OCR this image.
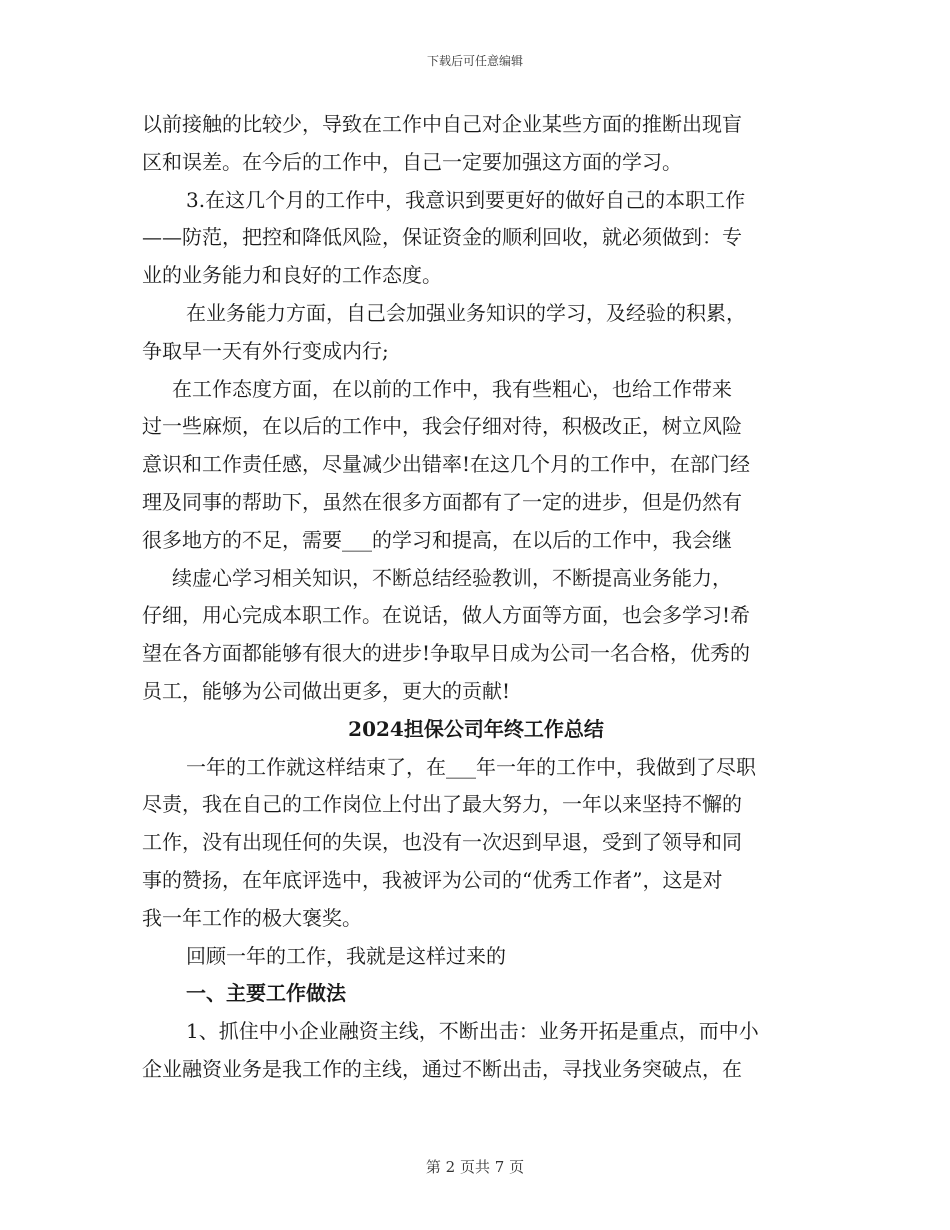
下载后可任意编辑
以前接触的比较少，导致在工作中自己对企业某些方面的推断出现盲
区和误差。在今后的工作中，自己一定要加强这方面的学习。
3.在这几个月的工作中，我意识到要更好的做好自己的本职工作
——防范，把控和降低风险，保证资金的顺利回收，就必须做到：专
业的业务能力和良好的工作态度。
在业务能力方面，自己会加强业务知识的学习，及经验的积累，
争取早一天有外行变成内行;
在工作态度方面，在以前的工作中，我有些粗心，也给工作带来
过一些麻烦，在以后的工作中，我会仔细对待，积极改正，树立风险
意识和工作责任感，尽量减少出错率!在这几个月的工作中，在部门经
理及同事的帮助下，虽然在很多方面都有了一定的进步，但是仍然有
很多地方的不足，需要___的学习和提高，在以后的工作中，我会继
续虚心学习相关知识，不断总结经验教训，不断提高业务能力，
仔细，用心完成本职工作。在说话，做人方面等方面，也会多学习!希
望在各方面都能够有很大的进步!争取早日成为公司一名合格，优秀的
员工，能够为公司做出更多，更大的贡献!
2024担保公司年终工作总结
一年的工作就这样结束了，在___年一年的工作中，我做到了尽职
尽责，我在自己的工作岗位上付出了最大努力，一年以来坚持不懈的
工作，没有出现任何的失误，也没有一次迟到早退，受到了领导和同
事的赞扬，在年底评选中，我被评为公司的“优秀工作者”，这是对
我一年工作的极大褒奖。
回顾一年的工作，我就是这样过来的
一、主要工作做法
1、抓住中小企业融资主线，不断出击：业务开拓是重点，而中小
企业融资业务是我工作的主线，通过不断出击，寻找业务突破点，在
第 2 页共 7 页
